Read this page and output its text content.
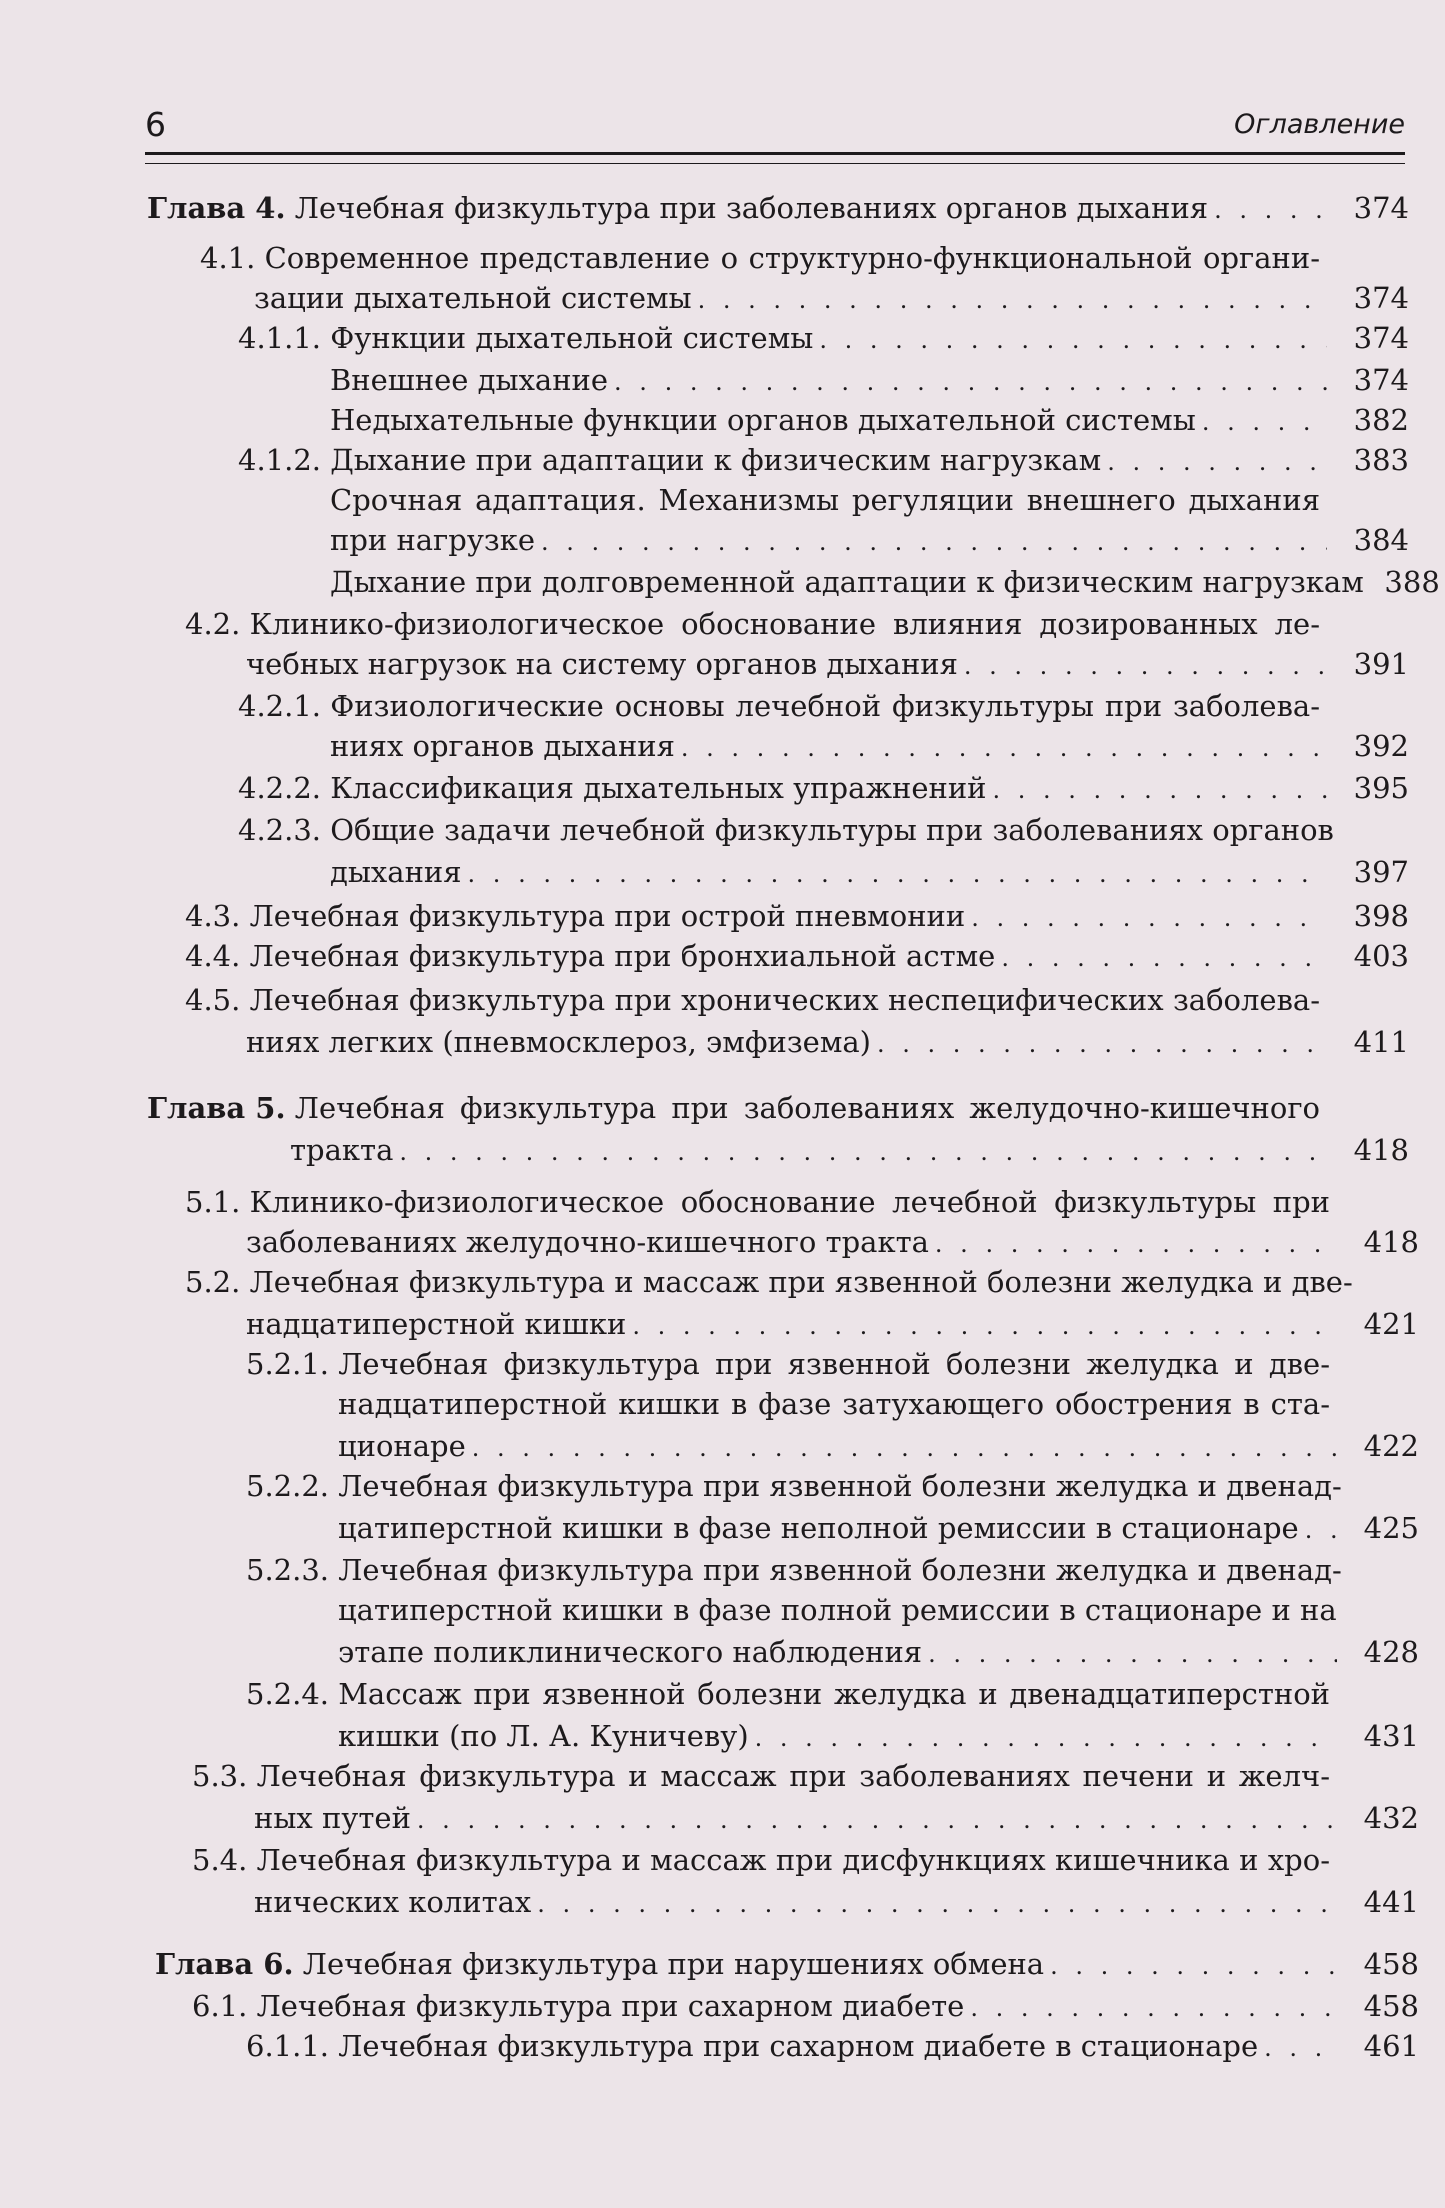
6	Оглавление
Глава 4. Лечебная физкультура при заболеваниях органов дыхания . . .	374
4.1.
Современное представление о структурно-функциональной органи-
зации дыхательной системы . . .	374
4.1.1.
Функции дыхательной системы . . .	374
Внешнее дыхание . . .	374
Недыхательные функции органов дыхательной системы . . .	382
4.1.2.
Дыхание при адаптации к физическим нагрузкам . . .	383
Срочная адаптация. Механизмы регуляции внешнего дыхания
при нагрузке . . .	384
Дыхание при долговременной адаптации к физическим нагрузкам 388
4.2.
Клинико-физиологическое обоснование влияния дозированных ле-
чебных нагрузок на систему органов дыхания . . .	391
4.2.1.
Физиологические основы лечебной физкультуры при заболева-
ниях органов дыхания . . .	392
4.2.2.
Классификация дыхательных упражнений . . .	395
4.2.3.
Общие задачи лечебной физкультуры при заболеваниях органов
дыхания . . .	397
4.3.
Лечебная физкультура при острой пневмонии . . .	398
4.4.
Лечебная физкультура при бронхиальной астме . . .	403
4.5.
Лечебная физкультура при хронических неспецифических заболева-
ниях легких (пневмосклероз, эмфизема) . . .	411
Глава 5.
Лечебная физкультура при заболеваниях желудочно-кишечного
тракта . . .	418
5.1.
Клинико-физиологическое обоснование лечебной физкультуры при
заболеваниях желудочно-кишечного тракта . . .	418
5.2.
Лечебная физкультура и массаж при язвенной болезни желудка и две-
надцатиперстной кишки . . .	421
5.2.1.
Лечебная физкультура при язвенной болезни желудка и две-
надцатиперстной кишки в фазе затухающего обострения в ста-
ционаре . . .	422
5.2.2.
Лечебная физкультура при язвенной болезни желудка и двенад-
цатиперстной кишки в фазе неполной ремиссии в стационаре . . .	425
5.2.3.
Лечебная физкультура при язвенной болезни желудка и двенад-
цатиперстной кишки в фазе полной ремиссии в стационаре и на
этапе поликлинического наблюдения . . .	428
5.2.4.
Массаж при язвенной болезни желудка и двенадцатиперстной
кишки (по Л. А. Куничеву) . . .	431
5.3.
Лечебная физкультура и массаж при заболеваниях печени и желч-
ных путей . . .	432
5.4.
Лечебная физкультура и массаж при дисфункциях кишечника и хро-
нических колитах . . .	441
Глава 6. Лечебная физкультура при нарушениях обмена . . .	458
6.1.
Лечебная физкультура при сахарном диабете . . .	458
6.1.1.
Лечебная физкультура при сахарном диабете в стационаре . . .	461
